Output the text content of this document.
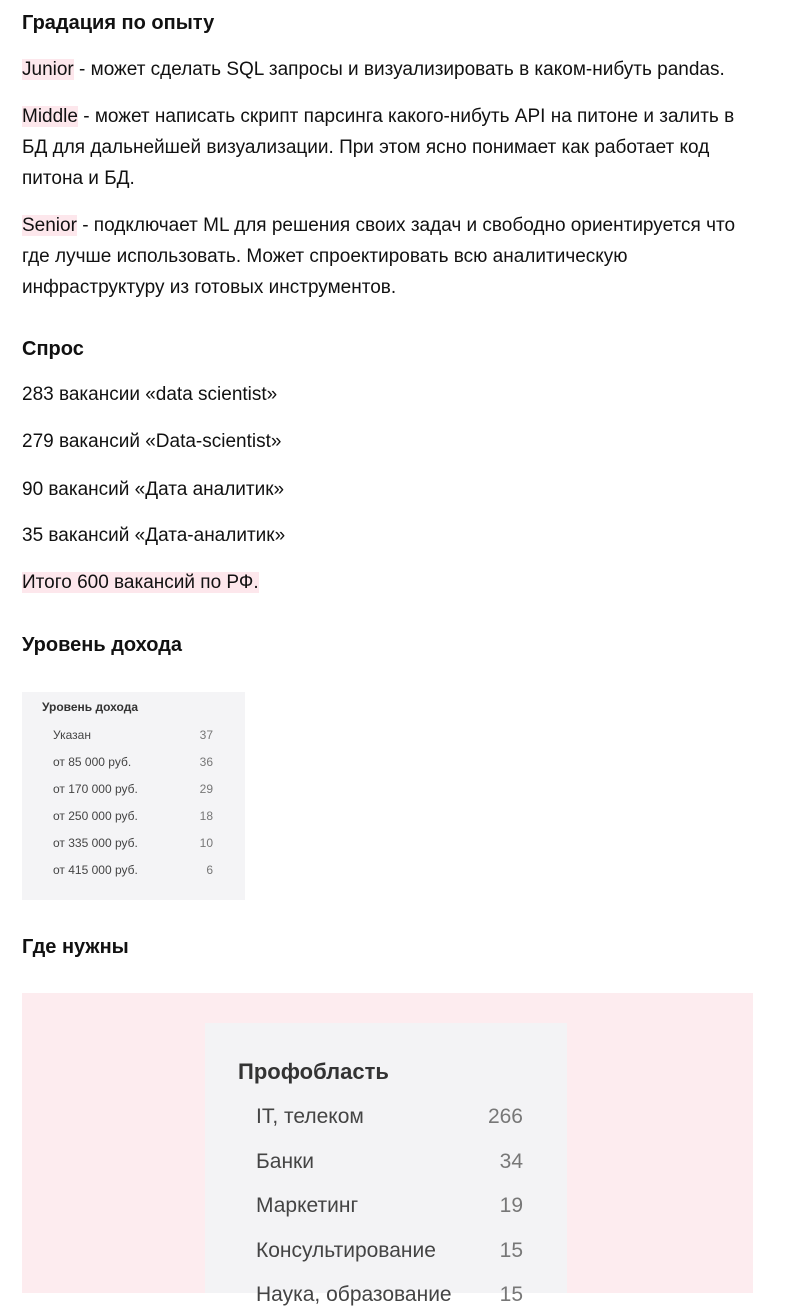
Градация по опыту

Junior - может сделать SQL запросы и визуализировать в каком-нибуть pandas.

Middle - может написать скрипт парсинга какого-нибуть API на питоне и залить в БД для дальнейшей визуализации. При этом ясно понимает как работает код питона и БД.

Senior - подключает ML для решения своих задач и свободно ориентируется что где лучше использовать. Может спроектировать всю аналитическую инфраструктуру из готовых инструментов.

Спрос

283 вакансии «data scientist»

279 вакансий «Data-scientist»

90 вакансий «Дата аналитик»

35 вакансий «Дата-аналитик»

Итого 600 вакансий по РФ.

Уровень дохода
Уровень дохода
Указан	37
от 85 000 руб.	36
от 170 000 руб.	29
от 250 000 руб.	18
от 335 000 руб.	10
от 415 000 руб.	6
Где нужны
Профобласть
IT, телеком	266
Банки	34
Маркетинг	19
Консультирование	15
Наука, образование 15
